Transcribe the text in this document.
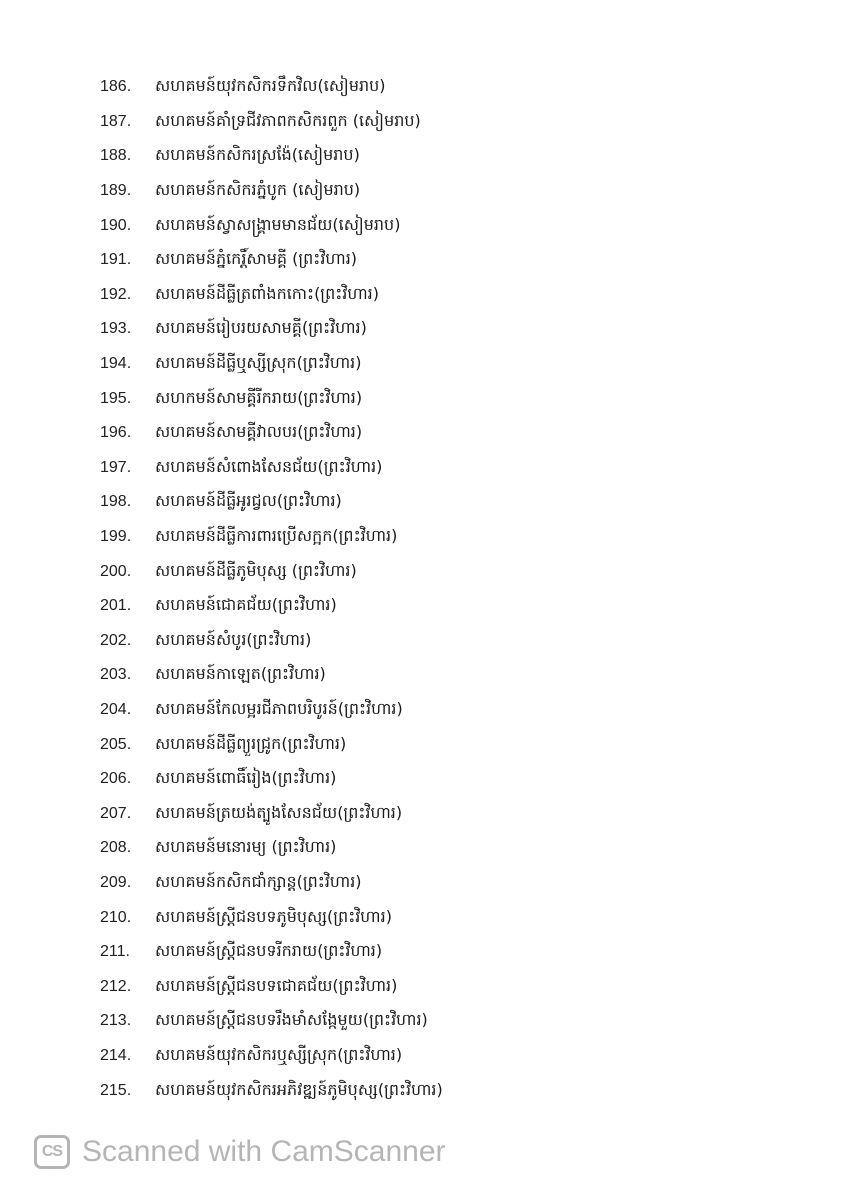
186.	សហគមន៍យុវកសិករទឹកវិល(សៀមរាប)
187.	សហគមន៍គាំទ្រជីវភាពកសិករពួក (សៀមរាប)
188.	សហគមន៍កសិករស្រង៉ែ(សៀមរាប)
189.	សហគមន៍កសិករភ្នំបូក (សៀមរាប)
190.	សហគមន៍ស្វាសង្គ្រាមមានជ័យ(សៀមរាប)
191.	សហគមន៍ភ្នំកេរ្តិ៍សាមគ្គី (ព្រះវិហារ)
192.	សហគមន៍ដីធ្លីត្រពាំងកកោះ(ព្រះវិហារ)
193.	សហគមន៍រៀបរយសាមគ្គី(ព្រះវិហារ)
194.	សហគមន៍ដីធ្លីឬស្សីស្រុក(ព្រះវិហារ)
195.	សហកមន៍សាមគ្គីរីករាយ(ព្រះវិហារ)
196.	សហគមន៍សាមគ្គីវាលបរ(ព្រះវិហារ)
197.	សហគមន៍សំពោងសែនជ័យ(ព្រះវិហារ)
198.	សហគមន៍ដីធ្លីអូរជ្វល(ព្រះវិហារ)
199.	សហគមន៍ដីធ្លីការពារប្រើសក្អក(ព្រះវិហារ)
200.	សហគមន៍ដីធ្លីភូមិបុស្ស (ព្រះវិហារ)
201.	សហគមន៍ជោគជ័យ(ព្រះវិហារ)
202.	សហគមន៍សំបូរ(ព្រះវិហារ)
203.	សហគមន៍កាឡេត(ព្រះវិហារ)
204.	សហគមន៍កែលម្អរជីភាពបរិបូរន៍(ព្រះវិហារ)
205.	សហគមន៍ដីធ្លីព្យួរជ្រូក(ព្រះវិហារ)
206.	សហគមន៍ពោធិ៍រៀង(ព្រះវិហារ)
207.	សហគមន៍ត្រយង់ត្បូងសែនជ័យ(ព្រះវិហារ)
208.	សហគមន៍មនោរម្យ (ព្រះវិហារ)
209.	សហគមន៍កសិកជាំក្សាន្ត(ព្រះវិហារ)
210.	សហគមន៍ស្ត្រីជនបទភូមិបុស្ស(ព្រះវិហារ)
211.	សហគមន៍ស្ត្រីជនបទរីករាយ(ព្រះវិហារ)
212.	សហគមន៍ស្ត្រីជនបទជោគជ័យ(ព្រះវិហារ)
213.	សហគមន៍ស្ត្រីជនបទរឹងមាំសង្កែមួយ(ព្រះវិហារ)
214.	សហគមន៍យុវកសិករឬស្សីស្រុក(ព្រះវិហារ)
215.	សហគមន៍យុវកសិករអភិវឌ្ឍន៍ភូមិបុស្ស(ព្រះវិហារ)
CS Scanned with CamScanner
